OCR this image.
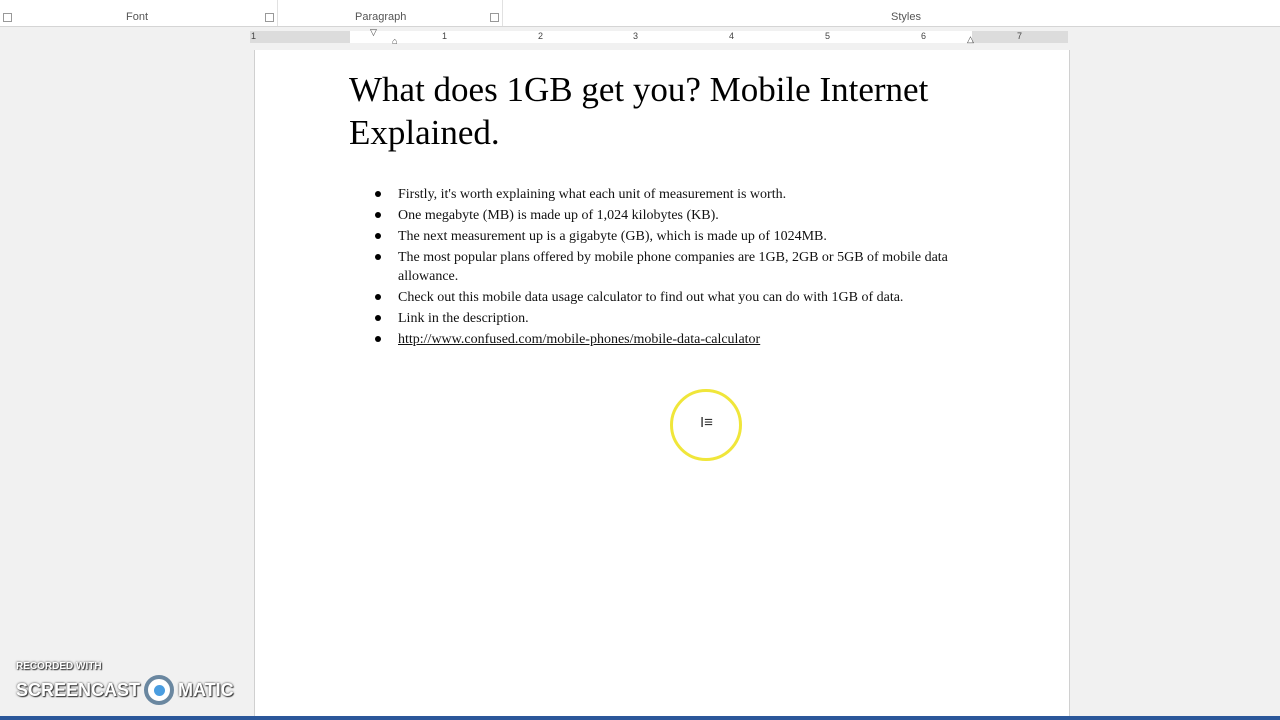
Font	Paragraph	Styles
1	▽
⌂	1	2	3	4	5	6	△	7
What does 1GB get you? Mobile Internet Explained.
Firstly, it's worth explaining what each unit of measurement is worth.
One megabyte (MB) is made up of 1,024 kilobytes (KB).
The next measurement up is a gigabyte (GB), which is made up of 1024MB.
The most popular plans offered by mobile phone companies are 1GB, 2GB or 5GB of mobile data allowance.
Check out this mobile data usage calculator to find out what you can do with 1GB of data.
Link in the description.
http://www.confused.com/mobile-phones/mobile-data-calculator
I≡
RECORDED WITH
SCREENCAST MATIC
